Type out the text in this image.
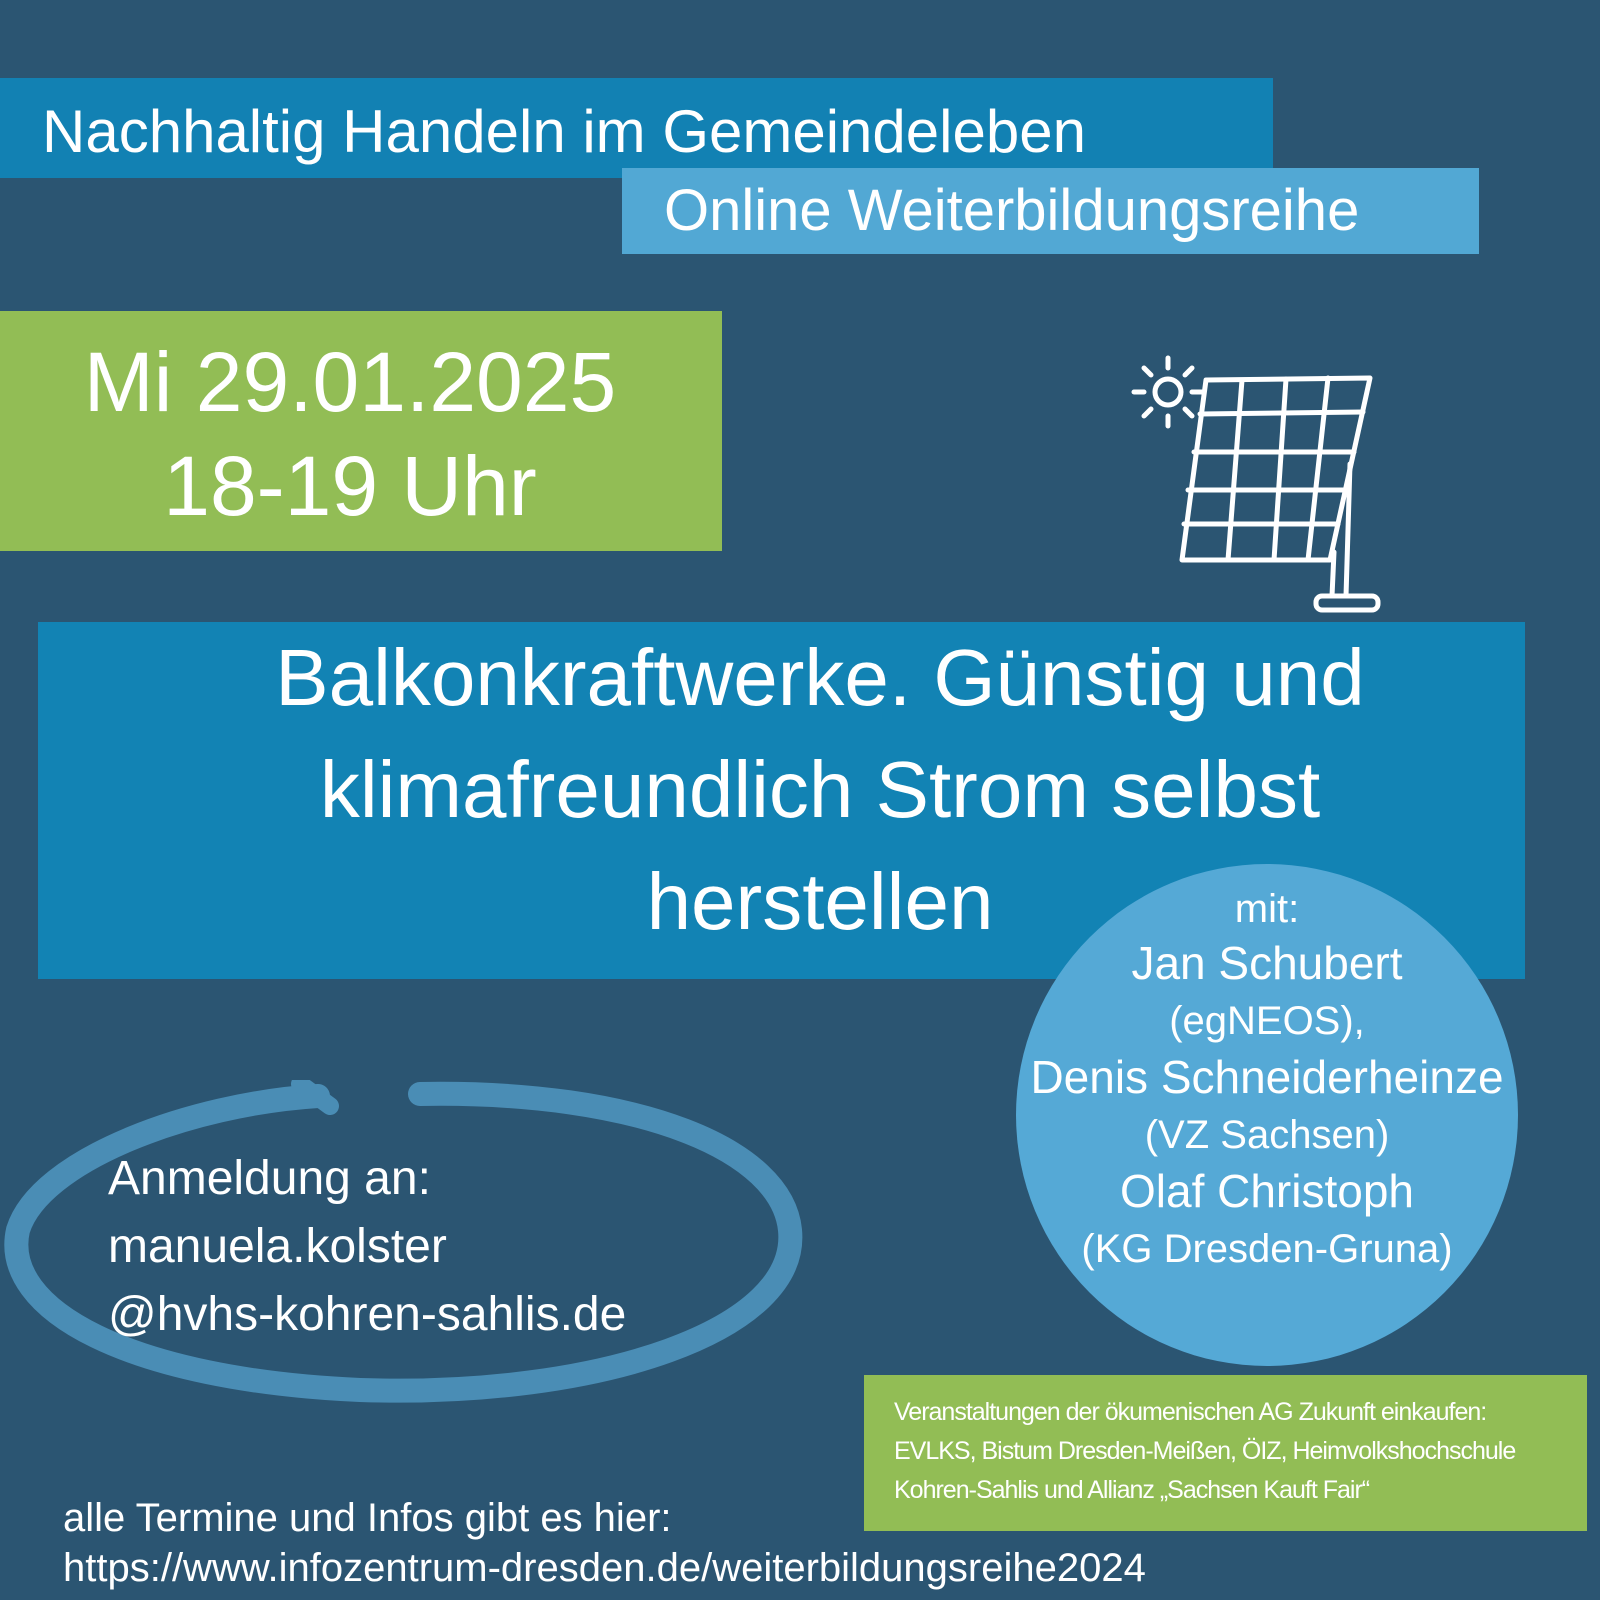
Nachhaltig Handeln im Gemeindeleben
Online Weiterbildungsreihe
Mi 29.01.2025
18-19 Uhr
Balkonkraftwerke. Günstig und
klimafreundlich Strom selbst
herstellen	mit:
Jan Schubert
(egNEOS),
Denis Schneiderheinze
(VZ Sachsen)
Olaf Christoph
(KG Dresden-Gruna)
Anmeldung an:
manuela.kolster
@hvhs-kohren-sahlis.de
Veranstaltungen der ökumenischen AG Zukunft einkaufen:
EVLKS, Bistum Dresden-Meißen, ÖIZ, Heimvolkshochschule
Kohren-Sahlis und Allianz „Sachsen Kauft Fair“
alle Termine und Infos gibt es hier:
https://www.infozentrum-dresden.de/weiterbildungsreihe2024
